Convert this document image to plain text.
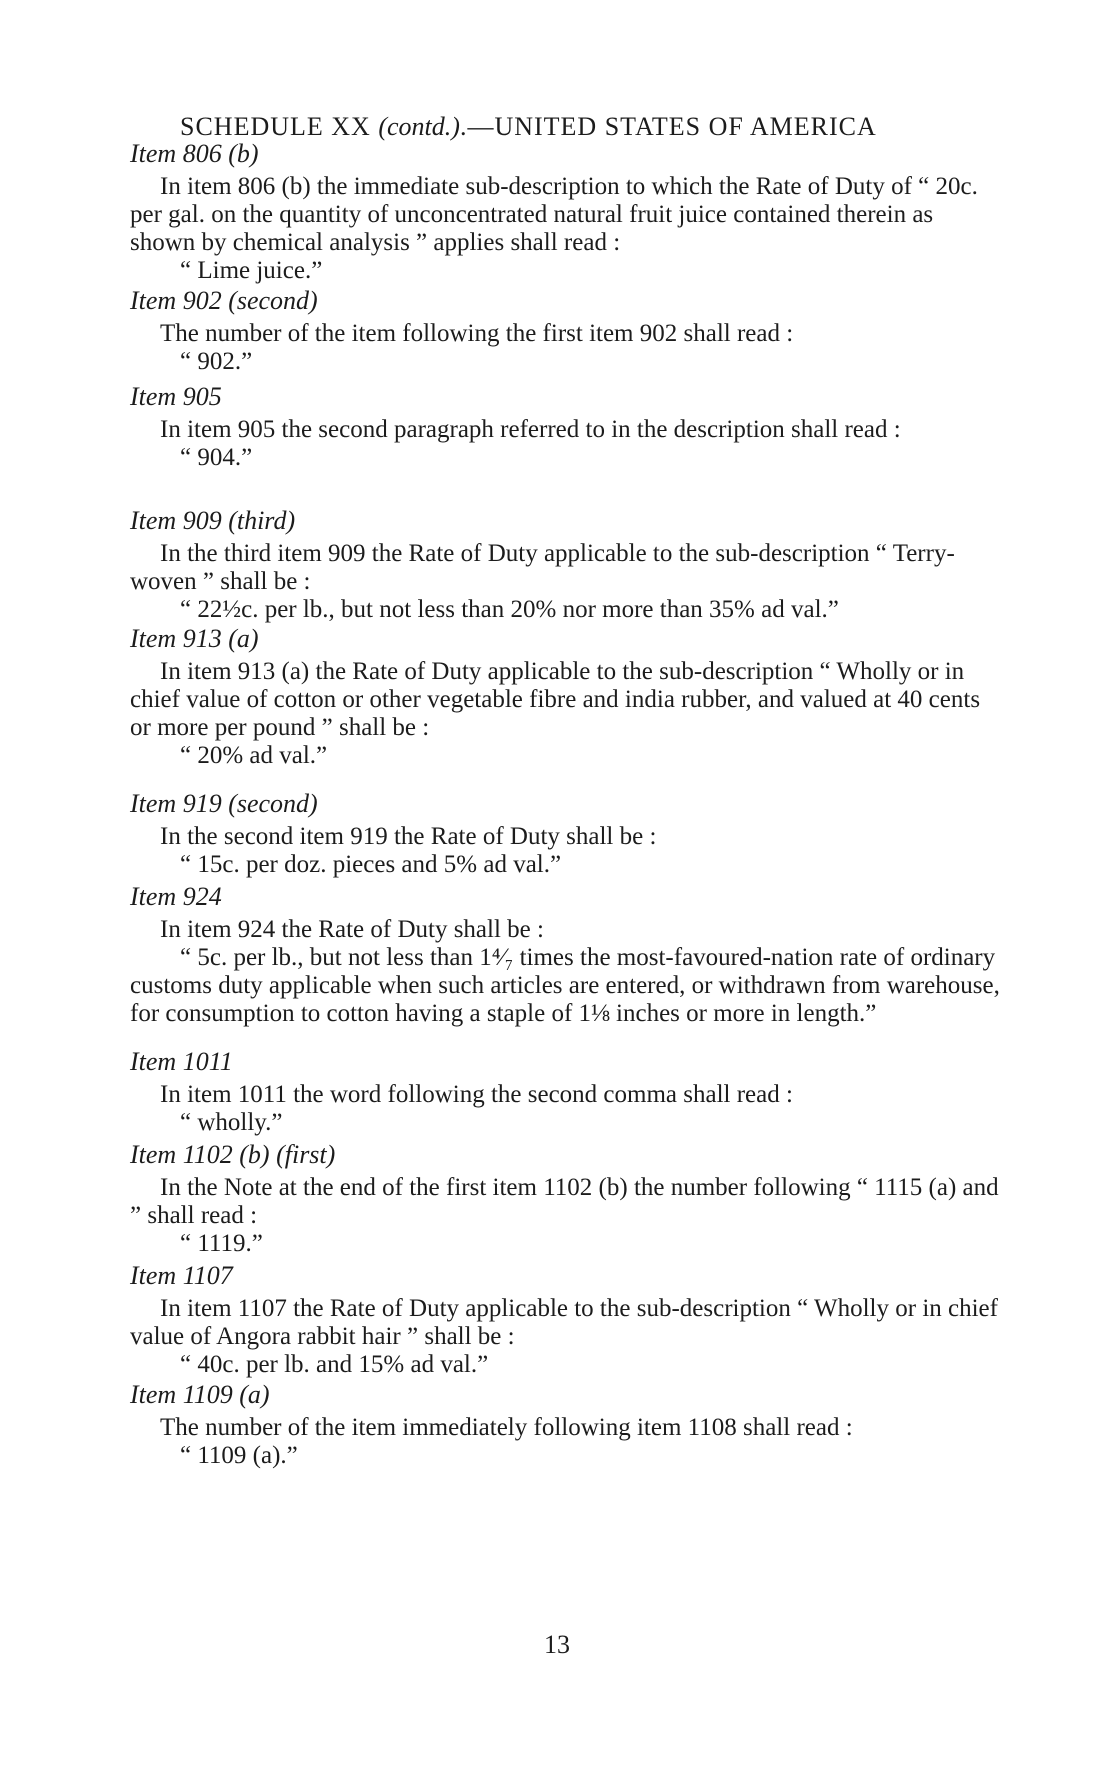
SCHEDULE XX (contd.).—UNITED STATES OF AMERICA
Item 806 (b)

In item 806 (b) the immediate sub-description to which the Rate of Duty of “ 20c. per gal. on the quantity of unconcentrated natural fruit juice contained therein as shown by chemical analysis ” applies shall read :

“ Lime juice.”

Item 902 (second)

The number of the item following the first item 902 shall read :

“ 902.”

Item 905

In item 905 the second paragraph referred to in the description shall read :

“ 904.”

Item 909 (third)

In the third item 909 the Rate of Duty applicable to the sub-description “ Terry-woven ” shall be :

“ 22½c. per lb., but not less than 20% nor more than 35% ad val.”

Item 913 (a)

In item 913 (a) the Rate of Duty applicable to the sub-description “ Wholly or in chief value of cotton or other vegetable fibre and india rubber, and valued at 40 cents or more per pound ” shall be :

“ 20% ad val.”

Item 919 (second)

In the second item 919 the Rate of Duty shall be :

“ 15c. per doz. pieces and 5% ad val.”

Item 924

In item 924 the Rate of Duty shall be :

“ 5c. per lb., but not less than 1⁴⁄₇ times the most-favoured-nation rate of ordinary customs duty applicable when such articles are entered, or withdrawn from warehouse, for consumption to cotton having a staple of 1⅛ inches or more in length.”

Item 1011

In item 1011 the word following the second comma shall read :

“ wholly.”

Item 1102 (b) (first)

In the Note at the end of the first item 1102 (b) the number following “ 1115 (a) and ” shall read :

“ 1119.”

Item 1107

In item 1107 the Rate of Duty applicable to the sub-description “ Wholly or in chief value of Angora rabbit hair ” shall be :

“ 40c. per lb. and 15% ad val.”

Item 1109 (a)

The number of the item immediately following item 1108 shall read :

“ 1109 (a).”

13
